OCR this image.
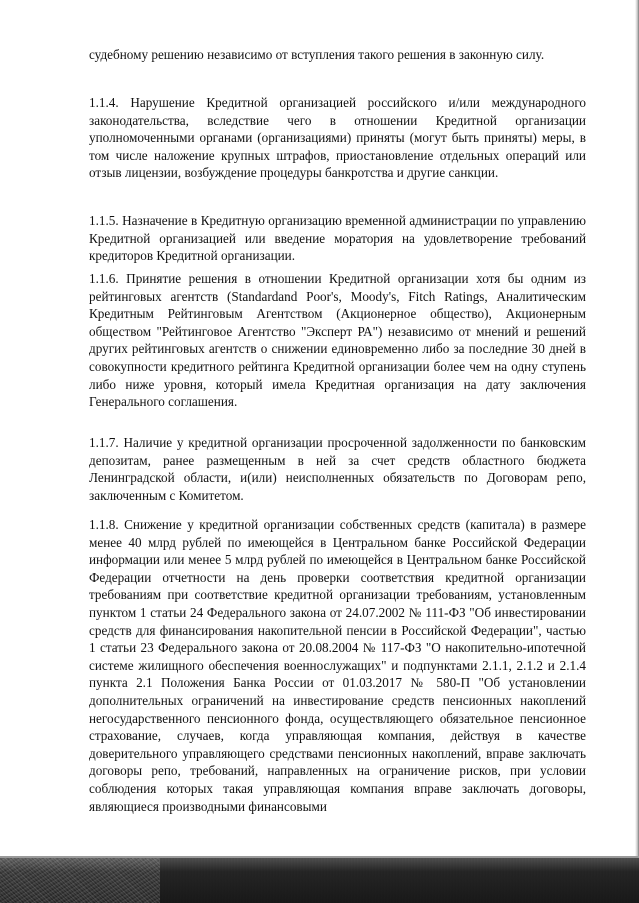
судебному решению независимо от вступления такого решения в законную силу.

1.1.4. Нарушение Кредитной организацией российского и/или международного законодательства, вследствие чего в отношении Кредитной организации уполномоченными органами (организациями) приняты (могут быть приняты) меры, в том числе наложение крупных штрафов, приостановление отдельных операций или отзыв лицензии, возбуждение процедуры банкротства и другие санкции.

1.1.5. Назначение в Кредитную организацию временной администрации по управлению Кредитной организацией или введение моратория на удовлетворение требований кредиторов Кредитной организации.

1.1.6. Принятие решения в отношении Кредитной организации хотя бы одним из рейтинговых агентств (Standardand Poor's, Moody's, Fitch Ratings, Аналитическим Кредитным Рейтинговым Агентством (Акционерное общество), Акционерным обществом "Рейтинговое Агентство "Эксперт РА") независимо от мнений и решений других рейтинговых агентств о снижении единовременно либо за последние 30 дней в совокупности кредитного рейтинга Кредитной организации более чем на одну ступень либо ниже уровня, который имела Кредитная организация на дату заключения Генерального соглашения.

1.1.7. Наличие у кредитной организации просроченной задолженности по банковским депозитам, ранее размещенным в ней за счет средств областного бюджета Ленинградской области, и(или) неисполненных обязательств по Договорам репо, заключенным с Комитетом.

1.1.8. Снижение у кредитной организации собственных средств (капитала) в размере менее 40 млрд рублей по имеющейся в Центральном банке Российской Федерации информации или менее 5 млрд рублей по имеющейся в Центральном банке Российской Федерации отчетности на день проверки соответствия кредитной организации требованиям при соответствие кредитной организации требованиям, установленным пунктом 1 статьи 24 Федерального закона от 24.07.2002 № 111-ФЗ "Об инвестировании средств для финансирования накопительной пенсии в Российской Федерации", частью 1 статьи 23 Федерального закона от 20.08.2004 № 117-ФЗ "О накопительно-ипотечной системе жилищного обеспечения военнослужащих" и подпунктами 2.1.1, 2.1.2 и 2.1.4 пункта 2.1 Положения Банка России от 01.03.2017 № 580-П "Об установлении дополнительных ограничений на инвестирование средств пенсионных накоплений негосударственного пенсионного фонда, осуществляющего обязательное пенсионное страхование, случаев, когда управляющая компания, действуя в качестве доверительного управляющего средствами пенсионных накоплений, вправе заключать договоры репо, требований, направленных на ограничение рисков, при условии соблюдения которых такая управляющая компания вправе заключать договоры, являющиеся производными финансовыми
